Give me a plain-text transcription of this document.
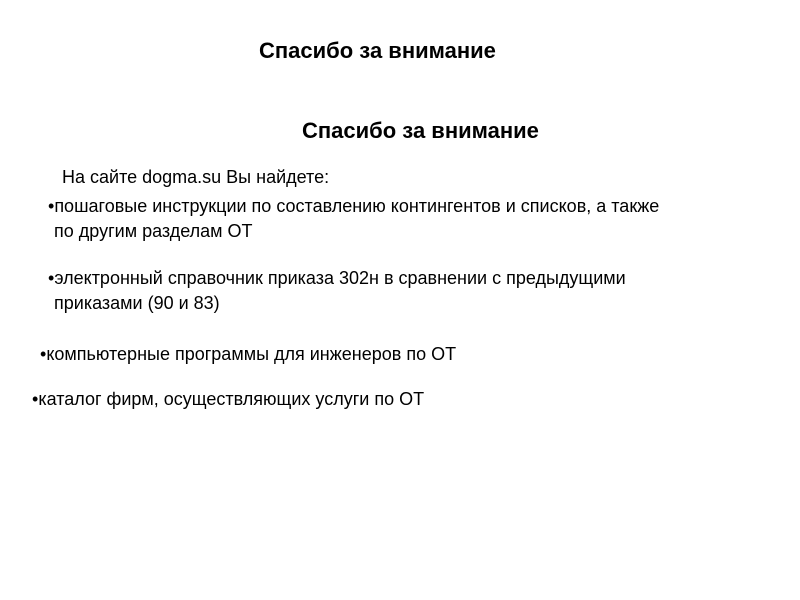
Спасибо за внимание
Спасибо за внимание
На сайте dogma.su Вы найдете:
•пошаговые инструкции по составлению контингентов и списков, а также
по другим разделам ОТ
•электронный справочник приказа 302н в сравнении с предыдущими
приказами (90 и 83)
•компьютерные программы для инженеров по ОТ
•каталог фирм, осуществляющих услуги по ОТ
